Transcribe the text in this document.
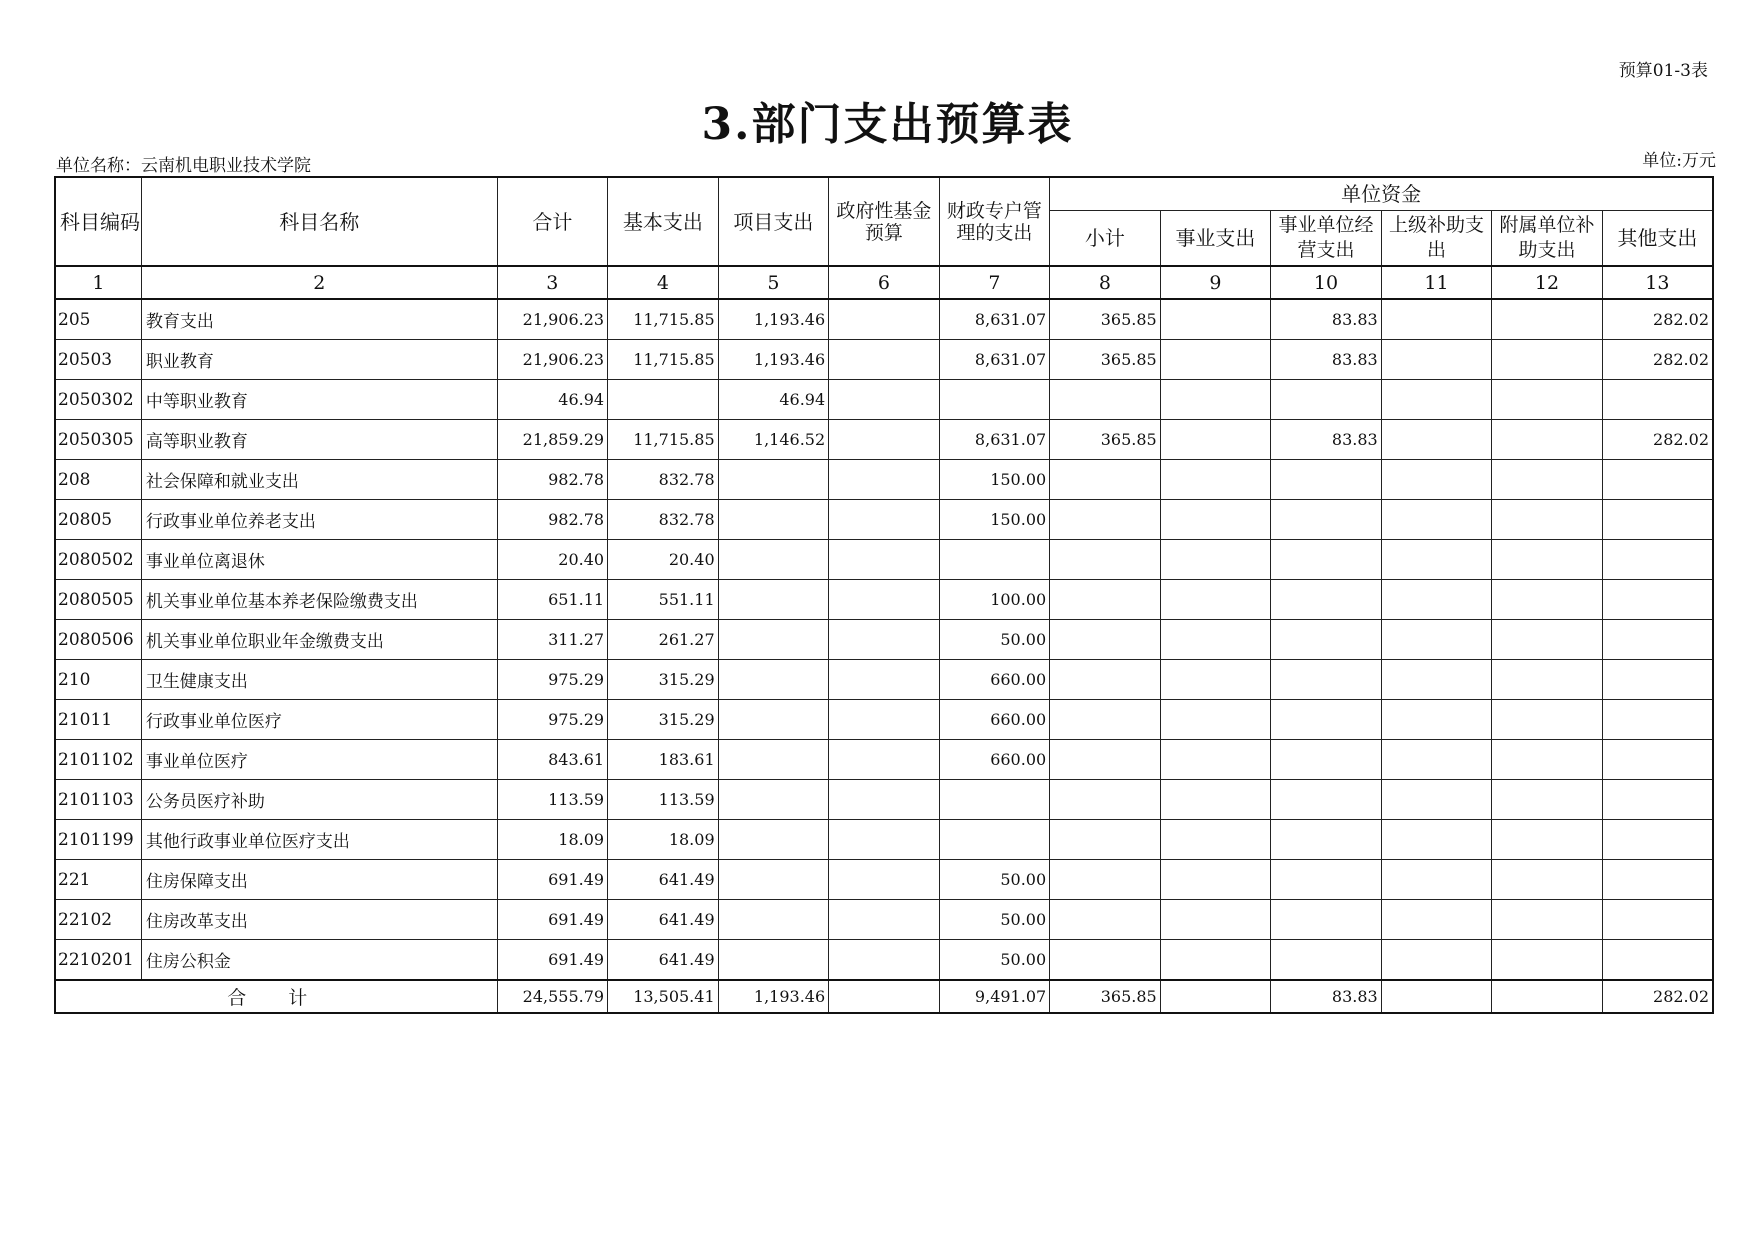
预算01-3表
3.部门支出预算表
单位名称：云南机电职业技术学院	单位:万元
科目编码	科目名称	合计	基本支出	项目支出	政府性基金预算	财政专户管理的支出	单位资金					
							小计	事业支出	事业单位经营支出	上级补助支出	附属单位补助支出	其他支出
1	2	3	4	5	6	7	8	9	10	11	12	13
205	教育支出	21,906.23	11,715.85	1,193.46		8,631.07	365.85		83.83			282.02
20503	职业教育	21,906.23	11,715.85	1,193.46		8,631.07	365.85		83.83			282.02
2050302	中等职业教育	46.94		46.94								
2050305	高等职业教育	21,859.29	11,715.85	1,146.52		8,631.07	365.85		83.83			282.02
208	社会保障和就业支出	982.78	832.78			150.00						
20805	行政事业单位养老支出	982.78	832.78			150.00						
2080502	事业单位离退休	20.40	20.40									
2080505	机关事业单位基本养老保险缴费支出	651.11	551.11			100.00						
2080506	机关事业单位职业年金缴费支出	311.27	261.27			50.00						
210	卫生健康支出	975.29	315.29			660.00						
21011	行政事业单位医疗	975.29	315.29			660.00						
2101102	事业单位医疗	843.61	183.61			660.00						
2101103	公务员医疗补助	113.59	113.59									
2101199	其他行政事业单位医疗支出	18.09	18.09									
221	住房保障支出	691.49	641.49			50.00						
22102	住房改革支出	691.49	641.49			50.00						
2210201	住房公积金	691.49	641.49			50.00						
合 计		24,555.79	13,505.41	1,193.46		9,491.07	365.85		83.83			282.02
